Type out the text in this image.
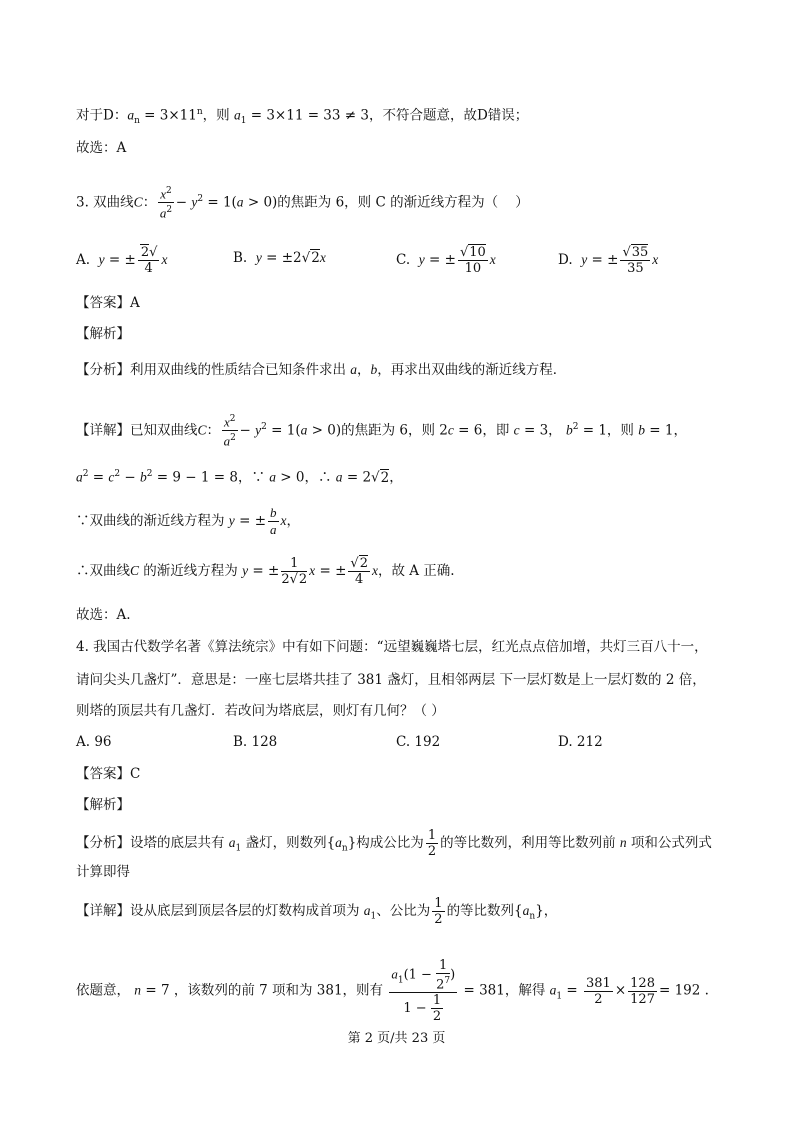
对于D：$a_n = 3\times 11^n$，则 $a_1 = 3\times 11 = 33 \ne 3$，不符合题意，故D错误；
故选：A
3. 双曲线C： $\frac{x^2}{a^2} - y^2 = 1(a > 0)$的焦距为 6，则 C 的渐近线方程为（    ）
A. y = ± $\frac{2√}{4}$ x	B. y = ±2√2x	C. y = ± $\frac{√10}{10}$ x	D. y = ± $\frac{√35}{35}$ x
【答案】A
【解析】
【分析】利用双曲线的性质结合已知条件求出 a，b，再求出双曲线的渐近线方程．
【详解】已知双曲线C： $\frac{x^2}{a^2} - y^2 = 1(a > 0)$的焦距为 6，则 2c = 6，即 c = 3， $b^2 = 1$，则 b = 1，
$a^2 = c^2 - b^2 = 9 - 1 = 8$，∵ a > 0，∴ a = 2√2，
∵双曲线的渐近线方程为 y = ± $\frac{b}{a}$ x，
∴双曲线C 的渐近线方程为 y = ± $\frac{1}{2√2}$ x = ± $\frac{√2}{4}$ x，故 A 正确.
故选：A.
4. 我国古代数学名著《算法统宗》中有如下问题：“远望巍巍塔七层，红光点点倍加增，共灯三百八十一，
请问尖头几盏灯”．意思是：一座七层塔共挂了 381 盏灯，且相邻两层 下一层灯数是上一层灯数的 2 倍，
则塔的顶层共有几盏灯．若改问为塔底层，则灯有几何？（ ）
A. 96	B. 128	C. 192	D. 212
【答案】C
【解析】
【分析】设塔的底层共有 $a_1$ 盏灯，则数列$\{a_n\}$构成公比为 $\frac{1}{2}$ 的等比数列，利用等比数列前 n 项和公式列式
计算即得
【详解】设从底层到顶层各层的灯数构成首项为 $a_1$、公比为 $\frac{1}{2}$ 的等比数列$\{a_n\}$，
依题意， n = 7 ，该数列的前 7 项和为 381，则有 $\frac{a_1(1 - \frac{1}{2^7} )}{1 - \frac{1}{2}} = 381$，解得 $a_1 = \frac{381}{2} \times \frac{128}{127} = 192$ .
第 2 页/共 23 页
